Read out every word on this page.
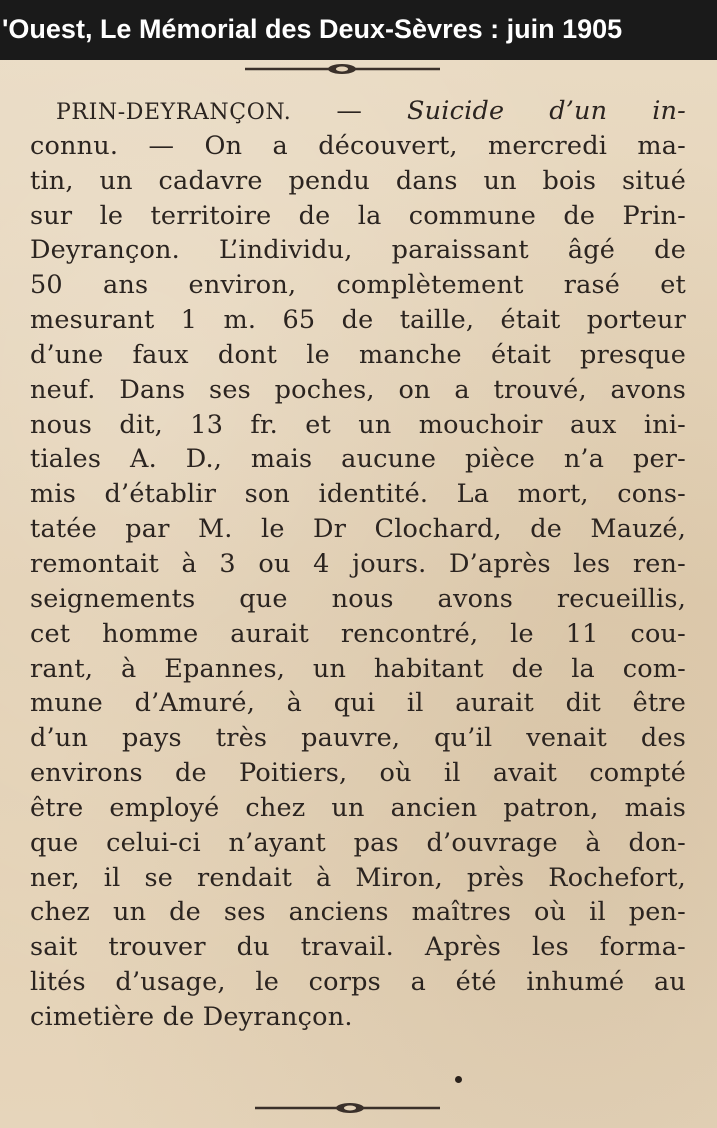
'Ouest, Le Mémorial des Deux-Sèvres : juin 1905
PRIN-DEYRANÇON. — Suicide d’un in-
connu. — On a découvert, mercredi ma-
tin, un cadavre pendu dans un bois situé
sur le territoire de la commune de Prin-
Deyrançon. L’individu, paraissant âgé de
50 ans environ, complètement rasé et
mesurant 1 m. 65 de taille, était porteur
d’une faux dont le manche était presque
neuf. Dans ses poches, on a trouvé, avons
nous dit, 13 fr. et un mouchoir aux ini-
tiales A. D., mais aucune pièce n’a per-
mis d’établir son identité. La mort, cons-
tatée par M. le Dr Clochard, de Mauzé,
remontait à 3 ou 4 jours. D’après les ren-
seignements que nous avons recueillis,
cet homme aurait rencontré, le 11 cou-
rant, à Epannes, un habitant de la com-
mune d’Amuré, à qui il aurait dit être
d’un pays très pauvre, qu’il venait des
environs de Poitiers, où il avait compté
être employé chez un ancien patron, mais
que celui-ci n’ayant pas d’ouvrage à don-
ner, il se rendait à Miron, près Rochefort,
chez un de ses anciens maîtres où il pen-
sait trouver du travail. Après les forma-
lités d’usage, le corps a été inhumé au
cimetière de Deyrançon.
